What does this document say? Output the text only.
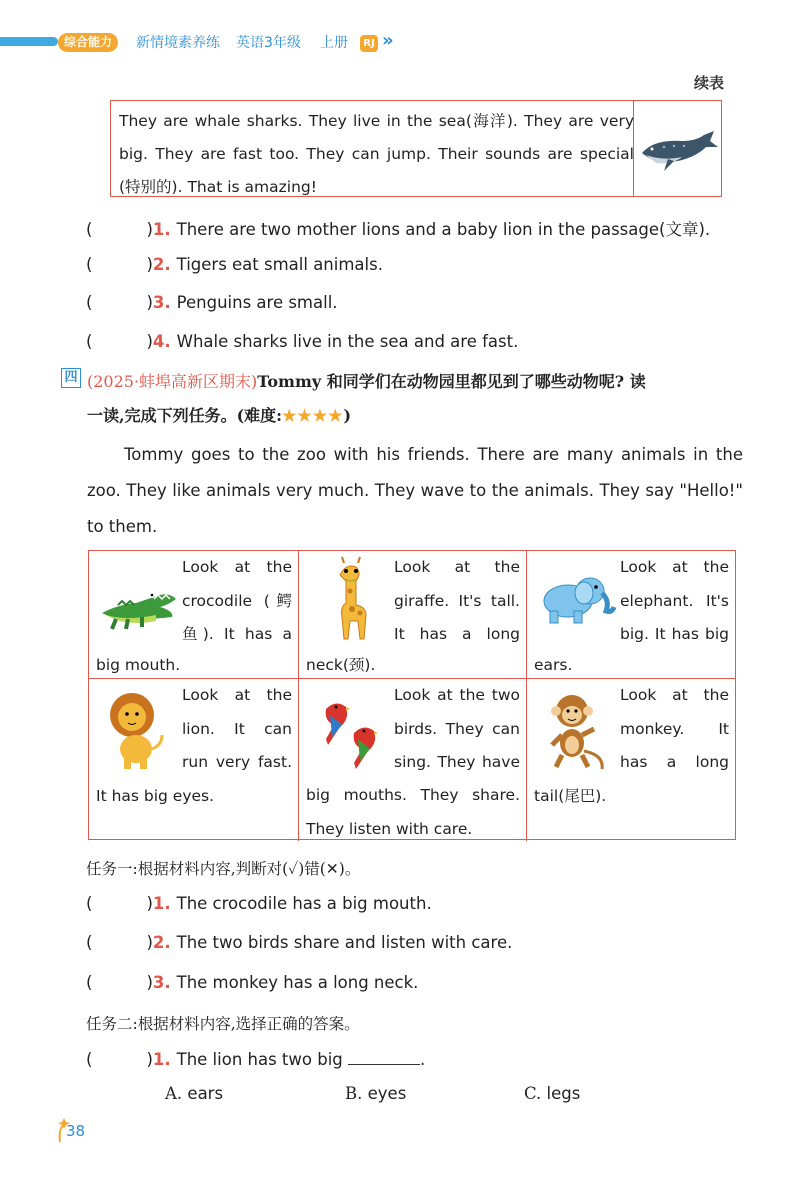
综合能力	新情境素养练 英语3年级 上册	RJ »
续表
They are whale sharks. They live in the sea(海洋). They are very
big. They are fast too. They can jump. Their sounds are special
(特别的). That is amazing!
(	)1. There are two mother lions and a baby lion in the passage(文章).
(	)2. Tigers eat small animals.
(	)3. Penguins are small.
(	)4. Whale sharks live in the sea and are fast.
四 (2025·蚌埠高新区期末)Tommy 和同学们在动物园里都见到了哪些动物呢? 读
一读,完成下列任务。(难度:★★★★)
Tommy goes to the zoo with his friends. There are many animals in the zoo. They like animals very much. They wave to the animals. They say "Hello!" to them.

Look at the

crocodile (鳄

鱼). It has a

big mouth.

Look at the

giraffe. It's tall.

It has a long

neck(颈).

Look at the

elephant. It's

big. It has big

ears.

Look at the

lion. It can

run very fast.

It has big eyes.

Look at the two

birds. They can

sing. They have

big mouths. They share.

They listen with care.

Look at the

monkey. It

has a long

tail(尾巴).

任务一:根据材料内容,判断对(✓)错(✕)。
(	)1. The crocodile has a big mouth.
(	)2. The two birds share and listen with care.
(	)3. The monkey has a long neck.
任务二:根据材料内容,选择正确的答案。
(	)1. The lion has two big	.
A. ears	B. eyes	C. legs
38
